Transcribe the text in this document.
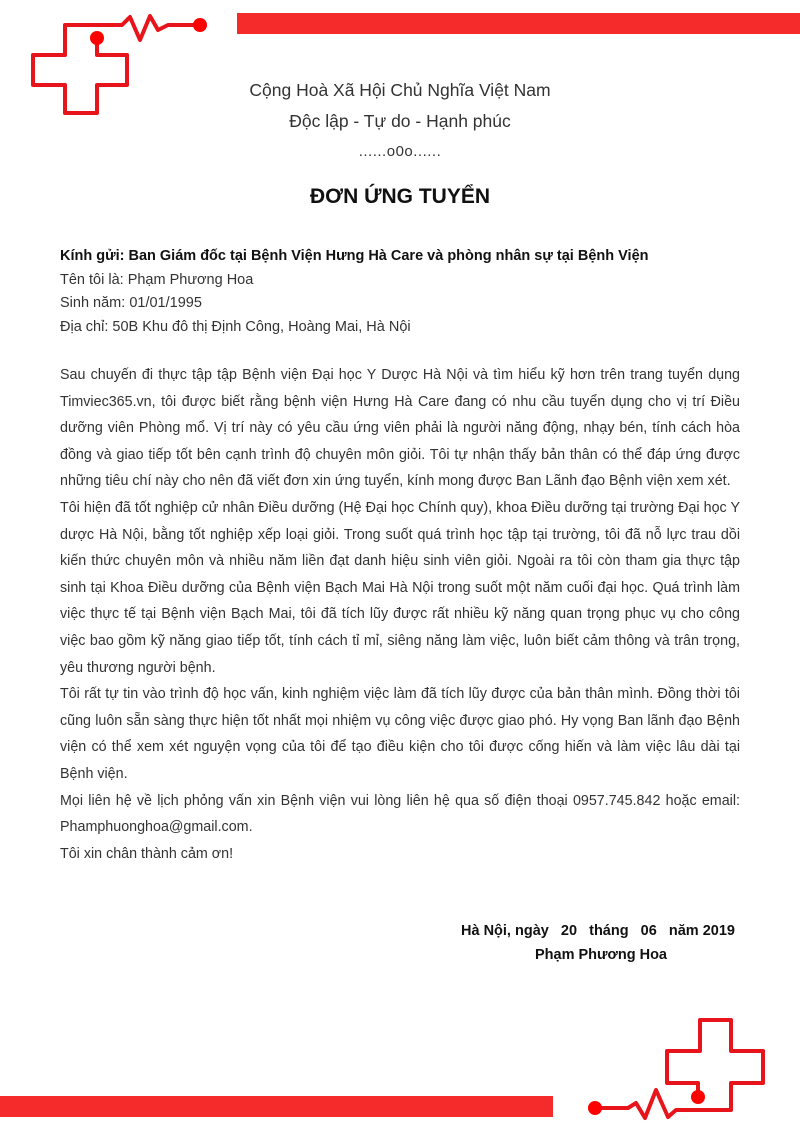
Cộng Hoà Xã Hội Chủ Nghĩa Việt Nam
Độc lập - Tự do - Hạnh phúc
......o0o......
ĐƠN ỨNG TUYỂN
Kính gửi: Ban Giám đốc tại Bệnh Viện Hưng Hà Care và phòng nhân sự tại Bệnh Viện
Tên tôi là: Phạm Phương Hoa
Sinh năm: 01/01/1995
Địa chỉ: 50B Khu đô thị Định Công, Hoàng Mai, Hà Nội

Sau chuyến đi thực tập tập Bệnh viện Đại học Y Dược Hà Nội và tìm hiểu kỹ hơn trên trang tuyển dụng Timviec365.vn, tôi được biết rằng bệnh viện Hưng Hà Care đang có nhu cầu tuyển dụng cho vị trí Điều dưỡng viên Phòng mổ. Vị trí này có yêu cầu ứng viên phải là người năng động, nhạy bén, tính cách hòa đồng và giao tiếp tốt bên cạnh trình độ chuyên môn giỏi. Tôi tự nhận thấy bản thân có thể đáp ứng được những tiêu chí này cho nên đã viết đơn xin ứng tuyển, kính mong được Ban Lãnh đạo Bệnh viện xem xét.

Tôi hiện đã tốt nghiệp cử nhân Điều dưỡng (Hệ Đại học Chính quy), khoa Điều dưỡng tại trường Đại học Y dược Hà Nội, bằng tốt nghiệp xếp loại giỏi. Trong suốt quá trình học tập tại trường, tôi đã nỗ lực trau dồi kiến thức chuyên môn và nhiều năm liền đạt danh hiệu sinh viên giỏi. Ngoài ra tôi còn tham gia thực tập sinh tại Khoa Điều dưỡng của Bệnh viện Bạch Mai Hà Nội trong suốt một năm cuối đại học. Quá trình làm việc thực tế tại Bệnh viện Bạch Mai, tôi đã tích lũy được rất nhiều kỹ năng quan trọng phục vụ cho công việc bao gồm kỹ năng giao tiếp tốt, tính cách tỉ mỉ, siêng năng làm việc, luôn biết cảm thông và trân trọng, yêu thương người bệnh.

Tôi rất tự tin vào trình độ học vấn, kinh nghiệm việc làm đã tích lũy được của bản thân mình. Đồng thời tôi cũng luôn sẵn sàng thực hiện tốt nhất mọi nhiệm vụ công việc được giao phó. Hy vọng Ban lãnh đạo Bệnh viện có thể xem xét nguyện vọng của tôi để tạo điều kiện cho tôi được cống hiến và làm việc lâu dài tại Bệnh viện.

Mọi liên hệ về lịch phỏng vấn xin Bệnh viện vui lòng liên hệ qua số điện thoại 0957.745.842 hoặc email: Phamphuonghoa@gmail.com.

Tôi xin chân thành cảm ơn!

Hà Nội, ngày   20   tháng   06   năm 2019
Phạm Phương Hoa
